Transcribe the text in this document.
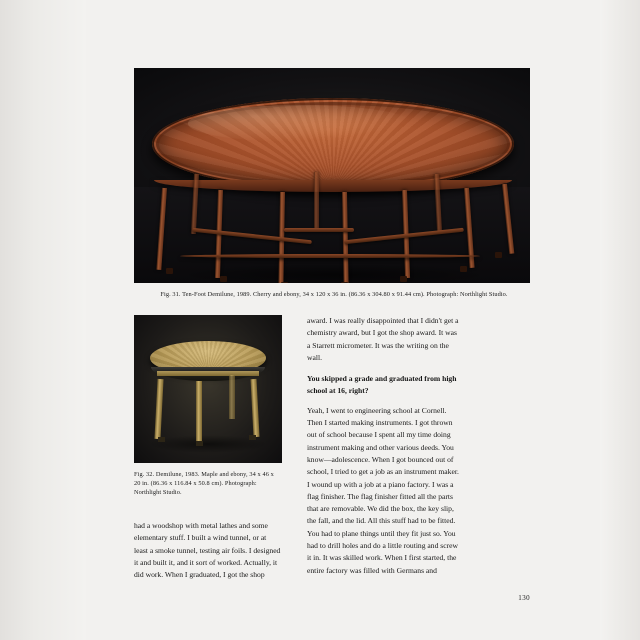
Fig. 31. Ten-Foot Demilune, 1989. Cherry and ebony, 34 x 120 x 36 in. (86.36 x 304.80 x 91.44 cm). Photograph: Northlight Studio.
Fig. 32. Demilune, 1983. Maple and ebony, 34 x 46 x 20 in. (86.36 x 116.84 x 50.8 cm). Photograph: Northlight Studio.

had a woodshop with metal lathes and some elementary stuff. I built a wind tunnel, or at least a smoke tunnel, testing air foils. I designed it and built it, and it sort of worked. Actually, it did work. When I graduated, I got the shop

award. I was really disappointed that I didn't get a chemistry award, but I got the shop award. It was a Starrett micrometer. It was the writing on the wall.

You skipped a grade and graduated from high school at 16, right?

Yeah, I went to engineering school at Cornell. Then I started making instruments. I got thrown out of school because I spent all my time doing instrument making and other various deeds. You know—adolescence. When I got bounced out of school, I tried to get a job as an instrument maker. I wound up with a job at a piano factory. I was a flag finisher. The flag finisher fitted all the parts that are removable. We did the box, the key slip, the fall, and the lid. All this stuff had to be fitted. You had to plane things until they fit just so. You had to drill holes and do a little routing and screw it in. It was skilled work. When I first started, the entire factory was filled with Germans and

130
